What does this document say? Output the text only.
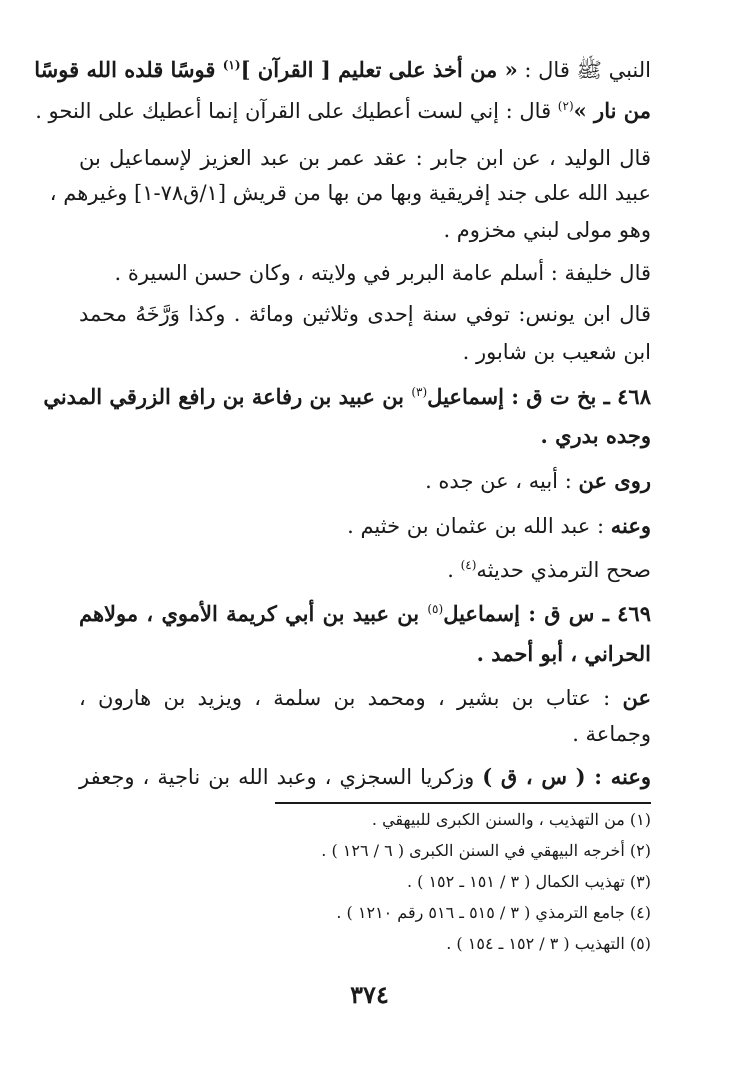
النبي ﷺ قال : « من أخذ على تعليم [ القرآن ]$^{(١)}$ قوسًا قلده الله قوسًا
من نار »$^{(٢)}$ قال : إني لست أعطيك على القرآن إنما أعطيك على النحو .
قال الوليد ، عن ابن جابر : عقد عمر بن عبد العزيز لإسماعيل بن
عبيد الله على جند إفريقية وبها من بها من قريش [١/ق٧٨-١] وغيرهم ،
وهو مولى لبني مخزوم .
قال خليفة : أسلم عامة البربر في ولايته ، وكان حسن السيرة .
قال ابن يونس: توفي سنة إحدى وثلاثين ومائة . وكذا وَرَّخَهُ محمد
ابن شعيب بن شابور .
٤٦٨ ـ بخ ت ق : إسماعيل$^{(٣)}$ بن عبيد بن رفاعة بن رافع الزرقي المدني
وجده بدري .
روى عن : أبيه ، عن جده .
وعنه : عبد الله بن عثمان بن خثيم .
صحح الترمذي حديثه$^{(٤)}$ .
٤٦٩ ـ س ق : إسماعيل$^{(٥)}$ بن عبيد بن أبي كريمة الأموي ، مولاهم
الحراني ، أبو أحمد .
عن : عتاب بن بشير ، ومحمد بن سلمة ، ويزيد بن هارون ،
وجماعة .
وعنه : ( س ، ق ) وزكريا السجزي ، وعبد الله بن ناجية ، وجعفر
(١) من التهذيب ، والسنن الكبرى للبيهقي .
(٢) أخرجه البيهقي في السنن الكبرى ( ٦ / ١٢٦ ) .
(٣) تهذيب الكمال ( ٣ / ١٥١ ـ ١٥٢ ) .
(٤) جامع الترمذي ( ٣ / ٥١٥ ـ ٥١٦ رقم ١٢١٠ ) .
(٥) التهذيب ( ٣ / ١٥٢ ـ ١٥٤ ) .
٣٧٤
